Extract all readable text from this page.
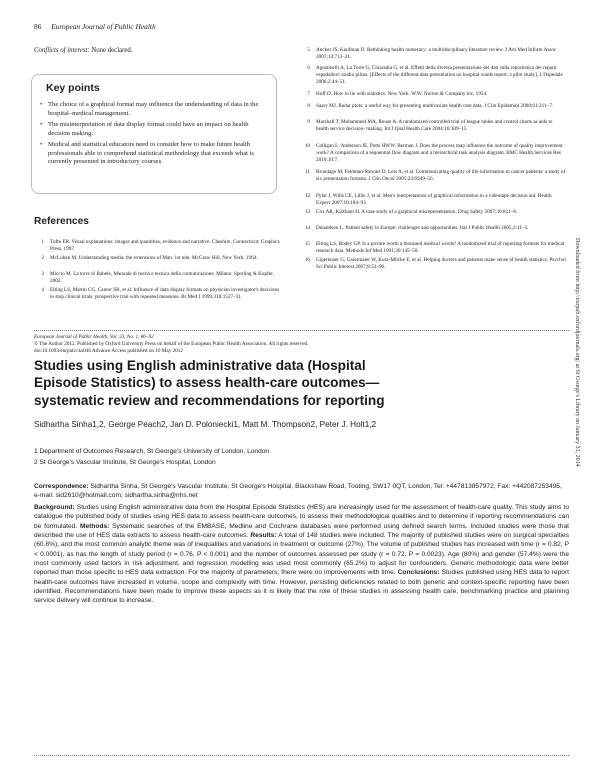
86 European Journal of Public Health
Conflicts of interest: None declared.
Key points
• The choice of a graphical format may influence the understanding of data in the hospital–medical management.
• The misinterpretation of data display format could have an impact on health decision making.
• Medical and statistical educators need to consider how to make future health professionals able to comprehend statistical methodology that exceeds what is currently presented in introductory courses.
References
1 Tufte ER. Visual explanations: images and quantities, evidence and narrative. Cheshire, Connecticut: Graphics Press, 1997.
2 McLuhan M. Understanding media: the extensions of Man. 1st edn. McGraw Hill, New York, 1964.
3 Miccio M. La torre di Babele, Manuale di teoria e tecnica della comunicazione. Milano: Sperling & Kupfer, 2002.
4 Elting LS, Martin CG, Cantor SB, et al. Influence of data display formats on physician investigator's decisions to stop clinical trials: prospective trial with repeated measures. Br Med J 1999;318:1527–31.
5 Ancker JS, Kaufman D. Rethinking health numeracy: a multidisciplinary literature review. J Am Med Inform Assoc 2007;14:713–21.
6 Agostinelli A, La Torre G, Chiaradia G, et al. Effetti della diversa presentazione dei dati sulla reportistica dei reparti ospedalieri: studio pilota. [Effects of the different data presentation on hospital wards report: a pilot study]. L'Ospedale 2006;2:44–51.
7 Huff D. How to lie with statistics. New York: W.W. Norton & Company inc, 1954.
8 Saary MJ. Radar plots: a useful way for presenting multivariate health care data. J Clin Epidemiol 2008;61:311–7.
9 Marshall T, Mohammed MA, Rouse A. A randomized controlled trial of league tables and control charts as aids to health service decision- making. Int J Qual Health Care 2004;16:309–15.
10 Colligan L, Anderson JE, Potts HWW, Berman J. Does the process map influence the outcome of quality improvement work? A comparison of a sequential flow diagram and a hierarchical task analysis diagram. BMC Health Services Res 2010;10:7.
11 Brundage M, Feldman-Stewart D, Leis A, et al. Communicating quality of life information to cancer patients: a study of six presentation formats. J Clin Oncol 2005;23:6949–56.
12 Pylar J, Wills CE, Lillie J, et al. Men's interpretations of graphical information in a videotape decision aid. Health Expect 2007;10:184–93.
13 Cox AR, Kirkham H. A case study of a graphical misrepresentation. Drug Safety 2007;30:831–6.
14 Donaldson L. Patient safety in Europe: challenges and opportunities. Ital J Public Health 2005;2:11–5.
15 Elting LS, Bodey GP. Is a picture worth a thousand medical words? A randomized trial of reporting formats for medical research data. Methods Inf Med 1991;30:145–50.
16 Gigerenzer G, Gaissmaier W, Kurz-Milcke E, et al. Helping doctors and patients make sense of health statistics. Psychol Sci Public Interest 2007;8:53–96.
European Journal of Public Health, Vol. 23, No. 1, 86–92
© The Author 2012. Published by Oxford University Press on behalf of the European Public Health Association. All rights reserved.
doi:10.1093/eurpub/cks046 Advance Access published on 10 May 2012
Studies using English administrative data (Hospital
Episode Statistics) to assess health-care outcomes—
systematic review and recommendations for reporting
Sidhartha Sinha1,2, George Peach2, Jan D. Poloniecki1, Matt M. Thompson2, Peter J. Holt1,2
1 Department of Outcomes Research, St George's University of London, London
2 St George's Vascular Institute, St George's Hospital, London
Correspondence: Sidhartha Sinha, St George's Vascular Institute, St George's Hospital, Blackshaw Road, Tooting, SW17 0QT, London, Tel: +447813857972, Fax: +442087253495, e-mail: sid2610@hotmail.com; sidhartha.sinha@nhs.net
Background: Studies using English administrative data from the Hospital Episode Statistics (HES) are increasingly used for the assessment of health-care quality. This study aims to catalogue the published body of studies using HES data to assess health-care outcomes, to assess their methodological qualities and to determine if reporting recommendations can be formulated. Methods: Systematic searches of the EMBASE, Medline and Cochrane databases were performed using defined search terms. Included studies were those that described the use of HES data extracts to assess health-care outcomes. Results: A total of 148 studies were included. The majority of published studies were on surgical specialties (60.8%), and the most common analytic theme was of inequalities and variations in treatment or outcome (27%). The volume of published studies has increased with time (r = 0.82, P < 0.0001), as has the length of study period (r = 0.76, P < 0.001) and the number of outcomes assessed per study (r = 0.72, P = 0.0023). Age (80%) and gender (57.4%) were the most commonly used factors in risk adjustment, and regression modelling was used most commonly (65.2%) to adjust for confounders. Generic methodologic data were better reported than those specific to HES data extraction. For the majority of parameters, there were no improvements with time. Conclusions: Studies published using HES data to report health-care outcomes have increased in volume, scope and complexity with time. However, persisting deficiencies related to both generic and context-specific reporting have been identified. Recommendations have been made to improve these aspects as it is likely that the role of these studies in assessing health care, benchmarking practice and planning service delivery will continue to increase.
Downloaded from http://eurpub.oxfordjournals.org/ at St George's Library on January 31, 2014
